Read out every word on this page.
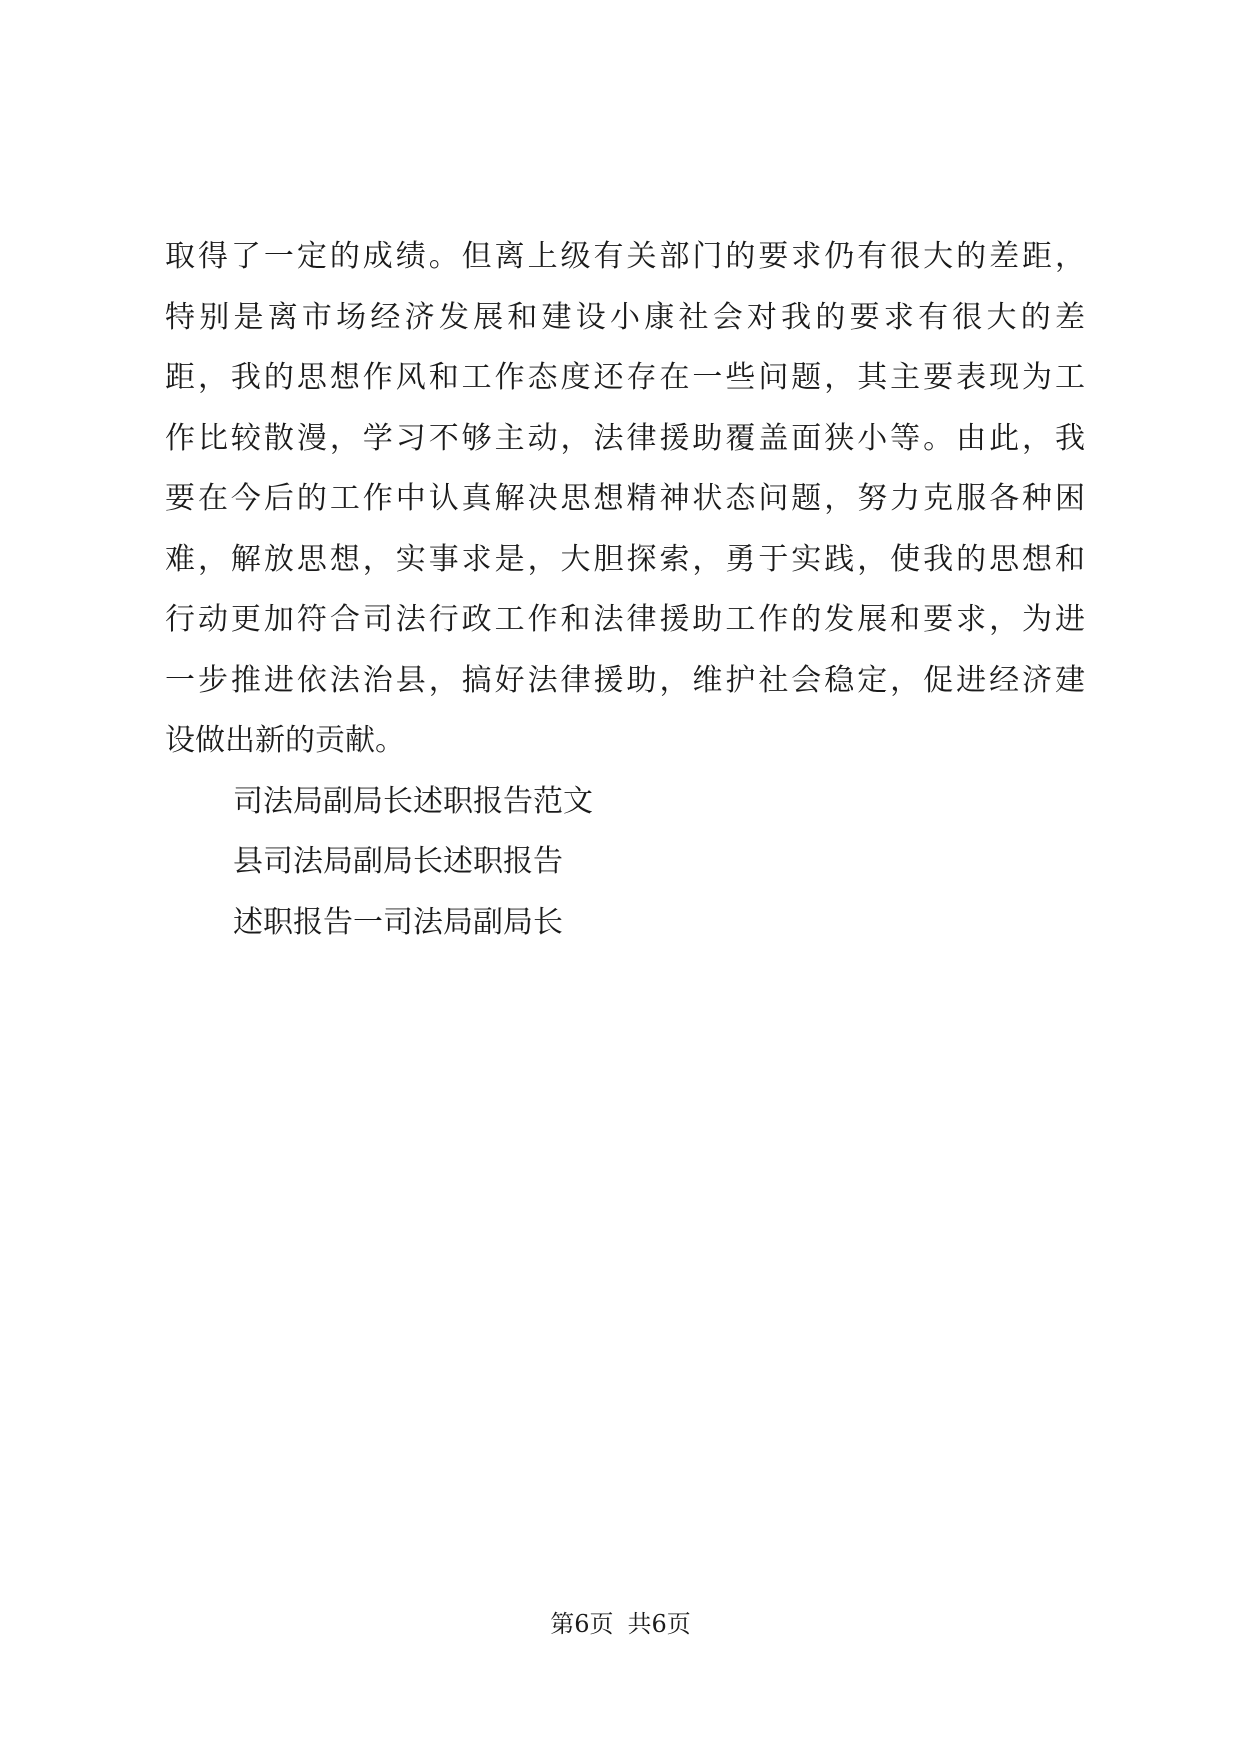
取得了一定的成绩。但离上级有关部门的要求仍有很大的差距，
特别是离市场经济发展和建设小康社会对我的要求有很大的差
距，我的思想作风和工作态度还存在一些问题，其主要表现为工
作比较散漫，学习不够主动，法律援助覆盖面狭小等。由此，我
要在今后的工作中认真解决思想精神状态问题，努力克服各种困
难，解放思想，实事求是，大胆探索，勇于实践，使我的思想和
行动更加符合司法行政工作和法律援助工作的发展和要求，为进
一步推进依法治县，搞好法律援助，维护社会稳定，促进经济建
设做出新的贡献。
司法局副局长述职报告范文
县司法局副局长述职报告
述职报告一司法局副局长
第6页 共6页
